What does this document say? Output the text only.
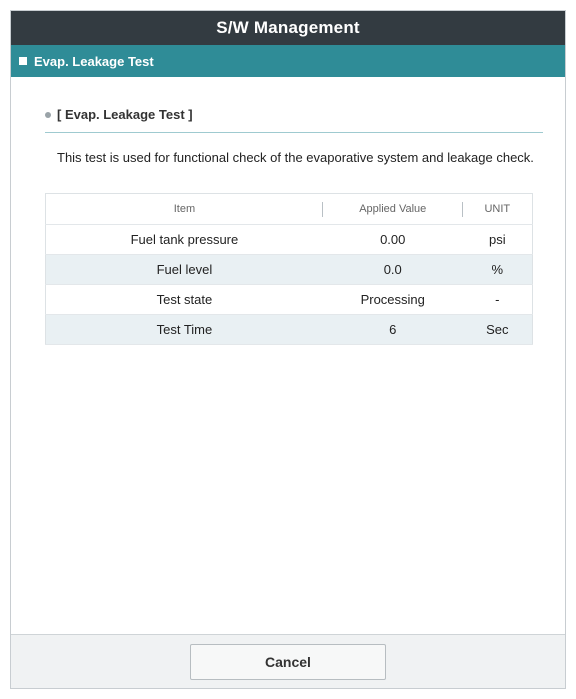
S/W Management
Evap. Leakage Test
[ Evap. Leakage Test ]

This test is used for functional check of the evaporative system and leakage check.

Item	Applied Value	UNIT
Fuel tank pressure	0.00	psi
Fuel level	0.0	%
Test state	Processing	-
Test Time	6	Sec
Cancel
